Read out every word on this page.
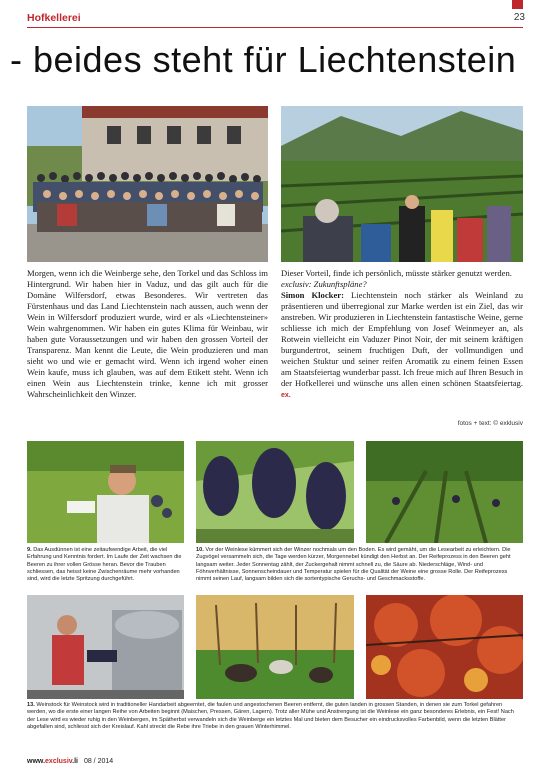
Hofkellerei	23
- beides steht für Liechtenstein
Morgen, wenn ich die Weinberge sehe, den Torkel und das Schloss im Hintergrund. Wir haben hier in Vaduz, und das gilt auch für die Domäne Wilfersdorf, etwas Besonderes. Wir vertreten das Fürstenhaus und das Land Liechtenstein nach aussen, auch wenn der Wein in Wilfersdorf produziert wurde, wird er als «Liechtensteiner» Wein wahrgenommen. Wir haben ein gutes Klima für Weinbau, wir haben gute Voraussetzungen und wir haben den grossen Vorteil der Transparenz. Man kennt die Leute, die Wein produzieren und man sieht wo und wie er gemacht wird. Wenn ich irgend woher einen Wein kaufe, muss ich glauben, was auf dem Etikett steht. Wenn ich einen Wein aus Liechtenstein trinke, kenne ich mit grosser Wahrscheinlichkeit den Winzer.
Dieser Vorteil, finde ich persönlich, müsste stärker genutzt werden.
exclusiv: Zukunftspläne?
Simon Klocker: Liechtenstein noch stärker als Weinland zu präsentieren und überregional zur Marke werden ist ein Ziel, das wir anstreben. Wir produzieren in Liechtenstein fantastische Weine, gerne schliesse ich mich der Empfehlung von Josef Weinmeyer an, als Rotwein vielleicht ein Vaduzer Pinot Noir, der mit seinem kräftigen burgundertrot, seinem fruchtigen Duft, der vollmundigen und weichen Stuktur und seiner reifen Aromatik zu einem feinen Essen am Staatsfeiertag wunderbar passt. Ich freue mich auf Ihren Besuch in der Hofkellerei und wünsche uns allen einen schönen Staatsfeiertag. ex.
fotos + text: © exklusiv
9. Das Ausdünnen ist eine zeitaufwendige Arbeit, die viel Erfahrung und Kenntnis fordert. Im Laufe der Zeit wachsen die Beeren zu ihrer vollen Grösse heran. Bevor die Trauben schliessen, das heisst keine Zwischenräume mehr vorhanden sind, wird die letzte Spritzung durchgeführt.
10. Vor der Weinlese kümmert sich der Winzer nochmals um den Boden. Es wird gemäht, um die Lesearbeit zu erleichtern. Die Zugvögel versammeln sich, die Tage werden kürzer, Morgennebel kündigt den Herbst an. Der Reifeprozess in den Beeren geht langsam weiter. Jeder Sonnentag zählt, der Zuckergehalt nimmt schnell zu, die Säure ab. Niederschläge, Wind- und Föhnverhältnisse, Sonnenscheindauer und Temperatur spielen für die Qualität der Weine eine grosse Rolle. Der Reifeprozess nimmt seinen Lauf, langsam bilden sich die sortentypische Geruchs- und Geschmacksstoffe.
13. Weinstock für Weinstock wird in traditioneller Handarbeit abgeerntet, die faulen und angestochenen Beeren entfernt, die guten landen in grossen Standen, in denen sie zum Torkel gefahren werden, wo die erste einer langen Reihe von Arbeiten beginnt (Maischen, Pressen, Gären, Lagern). Trotz aller Mühe und Anstrengung ist die Weinlese ein ganz besonderes Erlebnis, ein Fest! Nach der Lese wird es wieder ruhig in den Weinbergen, im Spätherbst verwandeln sich die Weinberge ein letztes Mal und bieten dem Besucher ein eindrucksvolles Farbenbild, wenn die letzten Blätter abgefallen sind, schliesst sich der Kreislauf. Kahl streckt die Rebe ihre Triebe in den grauen Winterhimmel.
www.exclusiv.li 08 / 2014
